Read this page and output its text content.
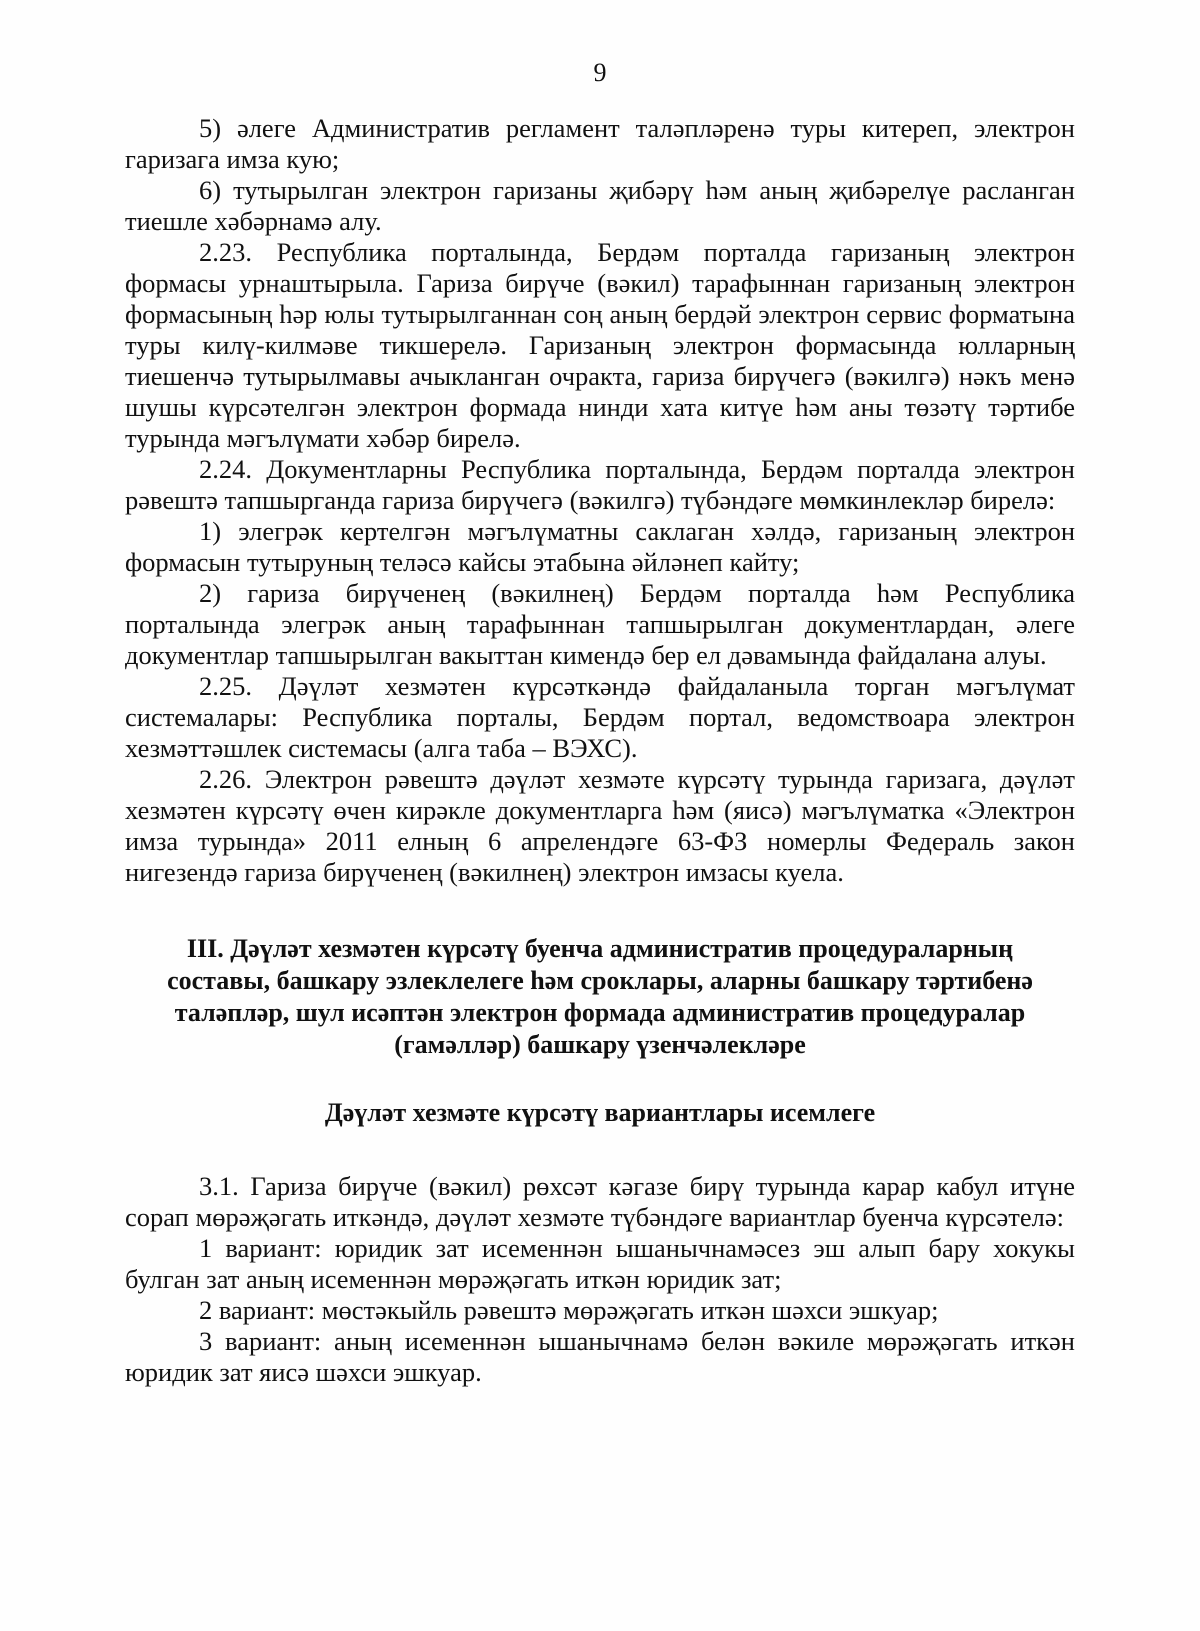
9

5) әлеге Административ регламент таләпләренә туры китереп, электрон гаризага имза кую;

6) тутырылган электрон гаризаны җибәрү һәм аның җибәрелүе расланган тиешле хәбәрнамә алу.

2.23. Республика порталында, Бердәм порталда гаризаның электрон формасы урнаштырыла. Гариза бирүче (вәкил) тарафыннан гаризаның электрон формасының һәр юлы тутырылганнан соң аның бердәй электрон сервис форматына туры килү-килмәве тикшерелә. Гаризаның электрон формасында юлларның тиешенчә тутырылмавы ачыкланган очракта, гариза бирүчегә (вәкилгә) нәкъ менә шушы күрсәтелгән электрон формада нинди хата китүе һәм аны төзәтү тәртибе турында мәгълүмати хәбәр бирелә.

2.24. Документларны Республика порталында, Бердәм порталда электрон рәвештә тапшырганда гариза бирүчегә (вәкилгә) түбәндәге мөмкинлекләр бирелә:

1) элегрәк кертелгән мәгълүматны саклаган хәлдә, гаризаның электрон формасын тутыруның теләсә кайсы этабына әйләнеп кайту;

2) гариза бирүченең (вәкилнең) Бердәм порталда һәм Республика порталында элегрәк аның тарафыннан тапшырылган документлардан, әлеге документлар тапшырылган вакыттан кимендә бер ел дәвамында файдалана алуы.

2.25. Дәүләт хезмәтен күрсәткәндә файдаланыла торган мәгълүмат системалары: Республика порталы, Бердәм портал, ведомствоара электрон хезмәттәшлек системасы (алга таба – ВЭХС).

2.26. Электрон рәвештә дәүләт хезмәте күрсәтү турында гаризага, дәүләт хезмәтен күрсәтү өчен кирәкле документларга һәм (яисә) мәгълүматка «Электрон имза турында» 2011 елның 6 апрелендәге 63-ФЗ номерлы Федераль закон нигезендә гариза бирүченең (вәкилнең) электрон имзасы куела.

III. Дәүләт хезмәтен күрсәтү буенча административ процедураларның составы, башкару эзлеклелеге һәм сроклары, аларны башкару тәртибенә таләпләр, шул исәптән электрон формада административ процедуралар (гамәлләр) башкару үзенчәлекләре
Дәүләт хезмәте күрсәтү вариантлары исемлеге

3.1. Гариза бирүче (вәкил) рөхсәт кәгазе бирү турында карар кабул итүне сорап мөрәҗәгать иткәндә, дәүләт хезмәте түбәндәге вариантлар буенча күрсәтелә:

1 вариант: юридик зат исеменнән ышанычнамәсез эш алып бару хокукы булган зат аның исеменнән мөрәҗәгать иткән юридик зат;

2 вариант: мөстәкыйль рәвештә мөрәҗәгать иткән шәхси эшкуар;

3 вариант: аның исеменнән ышанычнамә белән вәкиле мөрәҗәгать иткән юридик зат яисә шәхси эшкуар.
